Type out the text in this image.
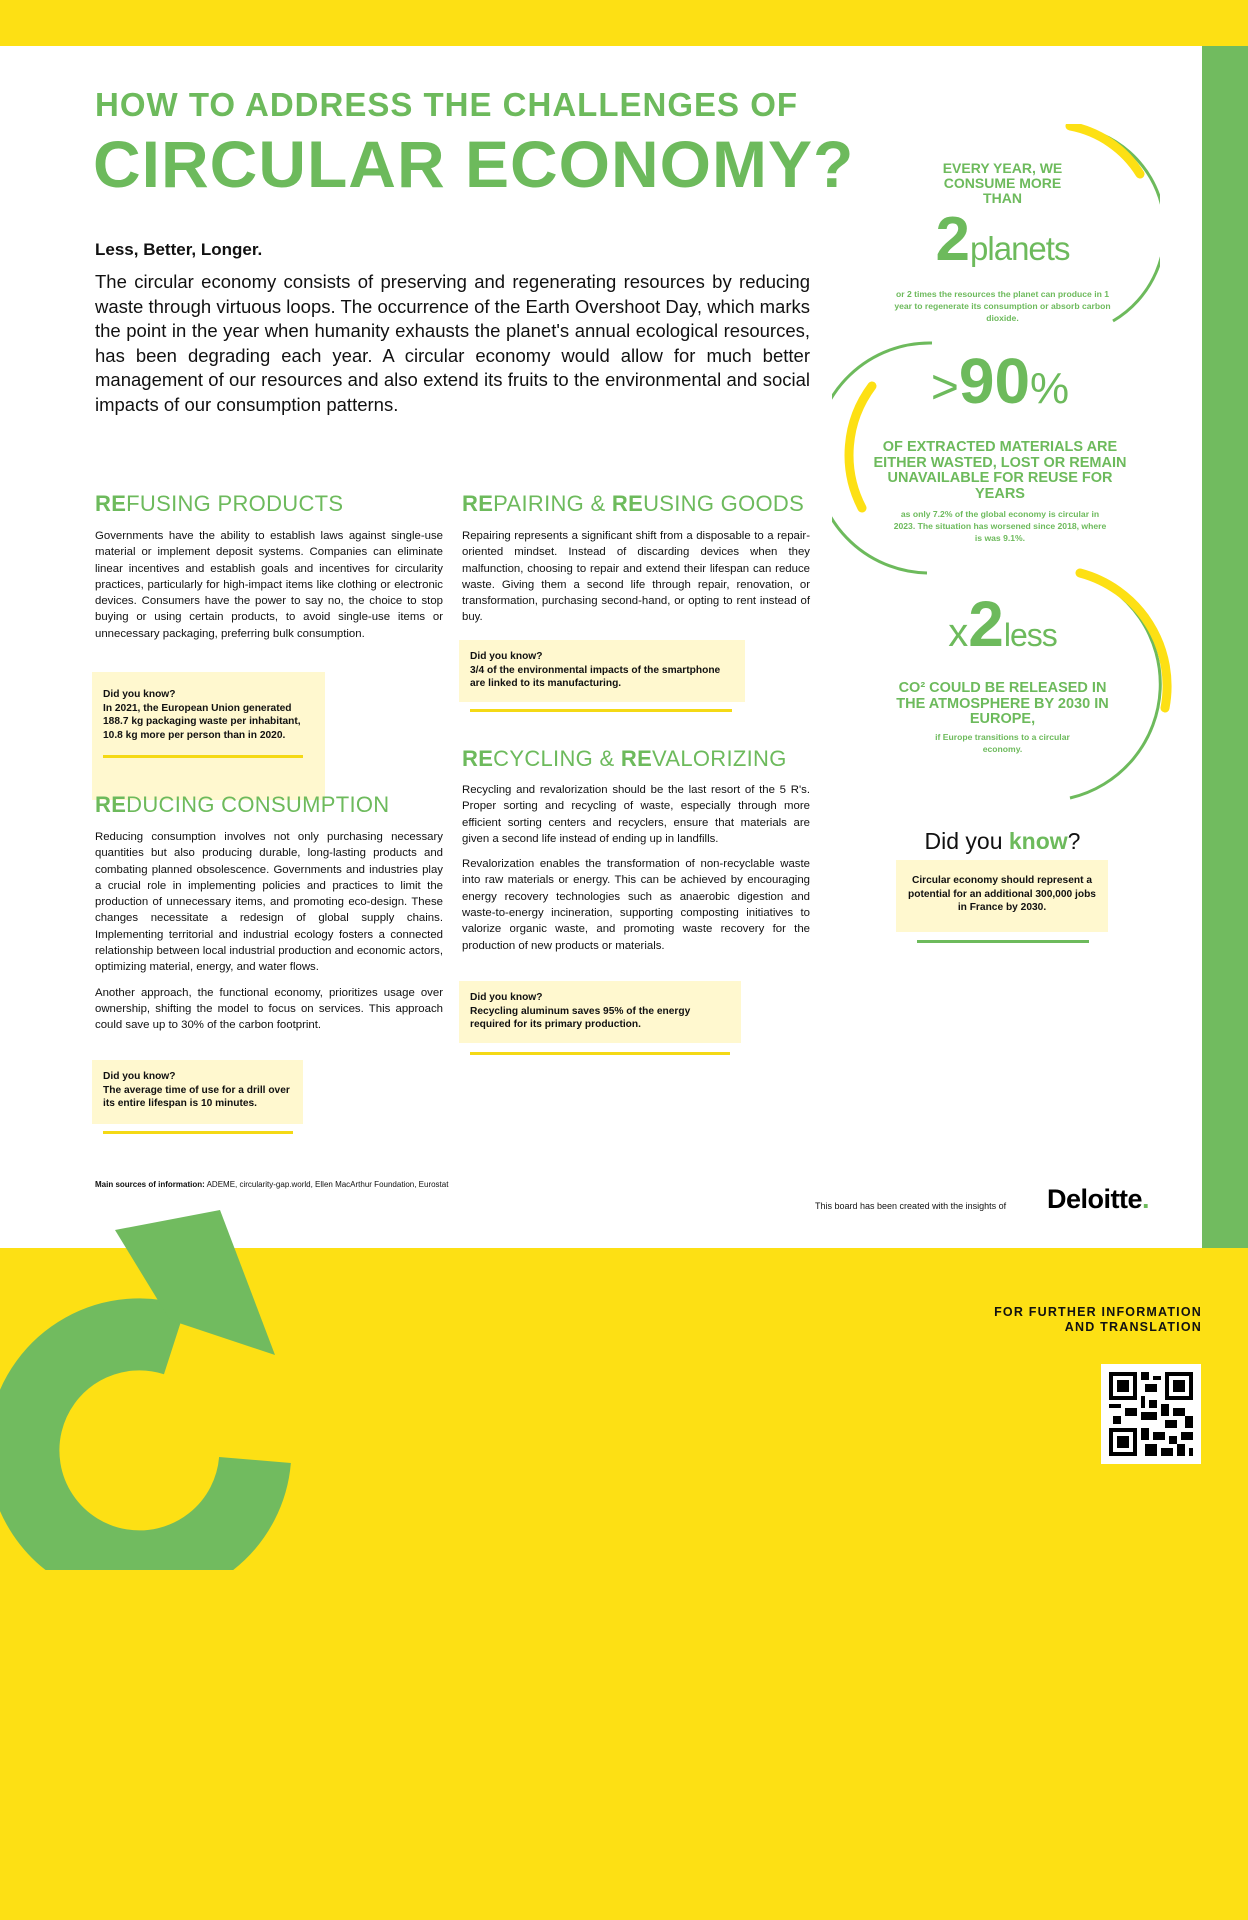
HOW TO ADDRESS THE CHALLENGES OF
CIRCULAR ECONOMY?
Less, Better, Longer.
The circular economy consists of preserving and regenerating resources by reducing waste through virtuous loops. The occurrence of the Earth Overshoot Day, which marks the point in the year when humanity exhausts the planet's annual ecological resources, has been degrading each year. A circular economy would allow for much better management of our resources and also extend its fruits to the environmental and social impacts of our consumption patterns.
REFUSING PRODUCTS
Governments have the ability to establish laws against single-use material or implement deposit systems. Companies can eliminate linear incentives and establish goals and incentives for circularity practices, particularly for high-impact items like clothing or electronic devices. Consumers have the power to say no, the choice to stop buying or using certain products, to avoid single-use items or unnecessary packaging, preferring bulk consumption.
Did you know?
In 2021, the European Union generated 188.7 kg packaging waste per inhabitant, 10.8 kg more per person than in 2020.
REDUCING CONSUMPTION

Reducing consumption involves not only purchasing necessary quantities but also producing durable, long-lasting products and combating planned obsolescence. Governments and industries play a crucial role in implementing policies and practices to limit the production of unnecessary items, and promoting eco-design. These changes necessitate a redesign of global supply chains. Implementing territorial and industrial ecology fosters a connected relationship between local industrial production and economic actors, optimizing material, energy, and water flows.

Another approach, the functional economy, prioritizes usage over ownership, shifting the model to focus on services. This approach could save up to 30% of the carbon footprint.

Did you know?
The average time of use for a drill over its entire lifespan is 10 minutes.
REPAIRING & REUSING GOODS
Repairing represents a significant shift from a disposable to a repair-oriented mindset. Instead of discarding devices when they malfunction, choosing to repair and extend their lifespan can reduce waste. Giving them a second life through repair, renovation, or transformation, purchasing second-hand, or opting to rent instead of buy.
Did you know?
3/4 of the environmental impacts of the smartphone are linked to its manufacturing.
RECYCLING & REVALORIZING

Recycling and revalorization should be the last resort of the 5 R's. Proper sorting and recycling of waste, especially through more efficient sorting centers and recyclers, ensure that materials are given a second life instead of ending up in landfills.

Revalorization enables the transformation of non-recyclable waste into raw materials or energy. This can be achieved by encouraging energy recovery technologies such as anaerobic digestion and waste-to-energy incineration, supporting composting initiatives to valorize organic waste, and promoting waste recovery for the production of new products or materials.

Did you know?
Recycling aluminum saves 95% of the energy required for its primary production.
EVERY YEAR, WE CONSUME MORE THAN
2planets
or 2 times the resources the planet can produce in 1 year to regenerate its consumption or absorb carbon dioxide.
>90%
OF EXTRACTED MATERIALS ARE EITHER WASTED, LOST OR REMAIN UNAVAILABLE FOR REUSE FOR YEARS
as only 7.2% of the global economy is circular in 2023. The situation has worsened since 2018, where is was 9.1%.
x2less
CO² COULD BE RELEASED IN THE ATMOSPHERE BY 2030 IN EUROPE,
if Europe transitions to a circular economy.
Did you know?
Circular economy should represent a potential for an additional 300,000 jobs in France by 2030.
Main sources of information: ADEME, circularity-gap.world, Ellen MacArthur Foundation, Eurostat
This board has been created with the insights of Deloitte.
FOR FURTHER INFORMATION AND TRANSLATION
